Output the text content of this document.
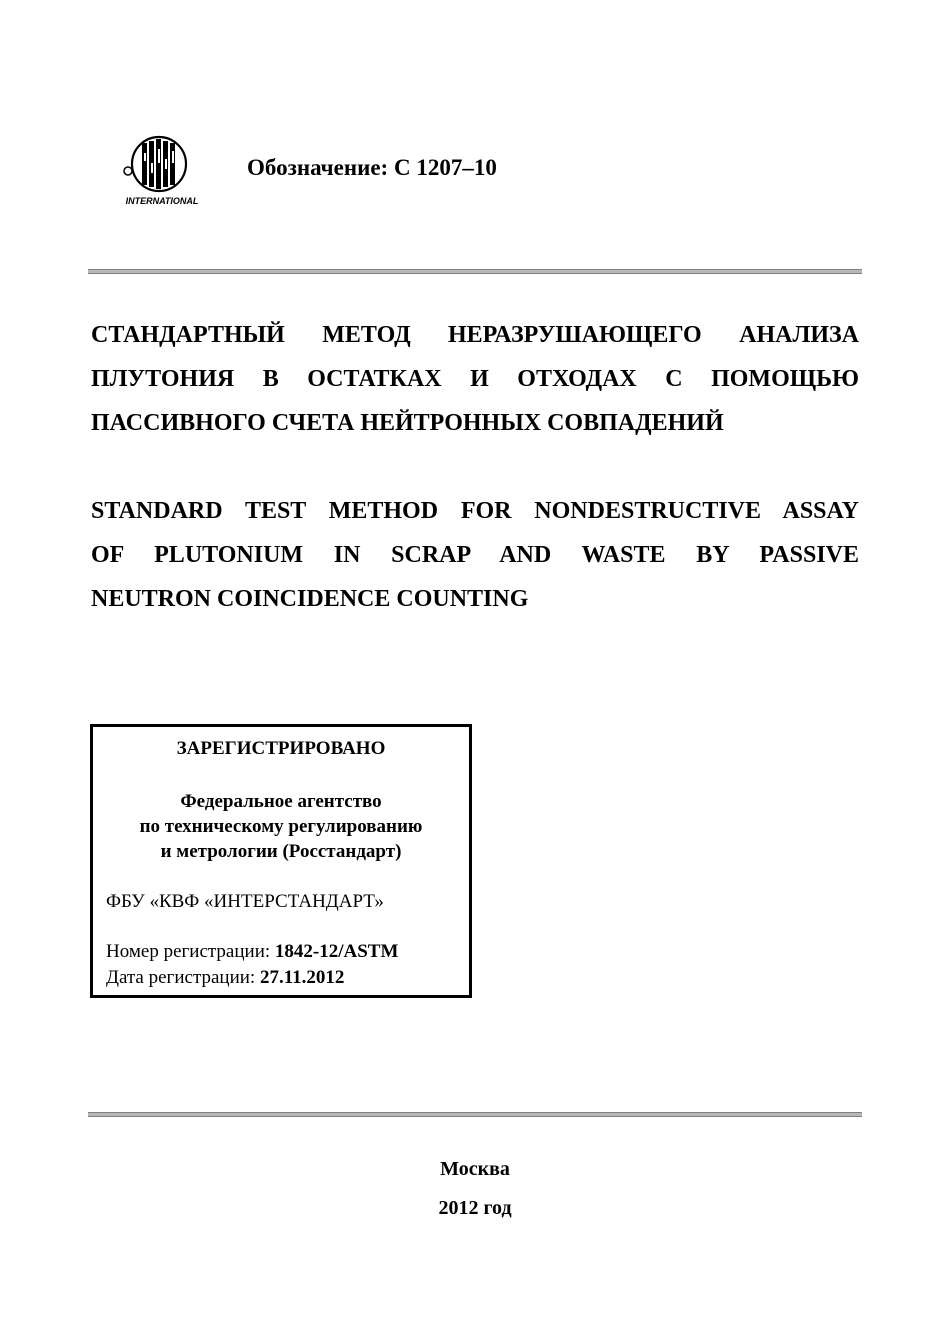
INTERNATIONAL
Обозначение: C 1207–10
СТАНДАРТНЫЙ МЕТОД НЕРАЗРУШАЮЩЕГО АНАЛИЗА
ПЛУТОНИЯ В ОСТАТКАХ И ОТХОДАХ С ПОМОЩЬЮ
ПАССИВНОГО СЧЕТА НЕЙТРОННЫХ СОВПАДЕНИЙ
STANDARD TEST METHOD FOR NONDESTRUCTIVE ASSAY
OF PLUTONIUM IN SCRAP AND WASTE BY PASSIVE
NEUTRON COINCIDENCE COUNTING
ЗАРЕГИСТРИРОВАНО
Федеральное агентство
по техническому регулированию
и метрологии (Росстандарт)
ФБУ «КВФ «ИНТЕРСТАНДАРТ»
Номер регистрации: 1842-12/ASTM
Дата регистрации: 27.11.2012
Москва
2012 год
